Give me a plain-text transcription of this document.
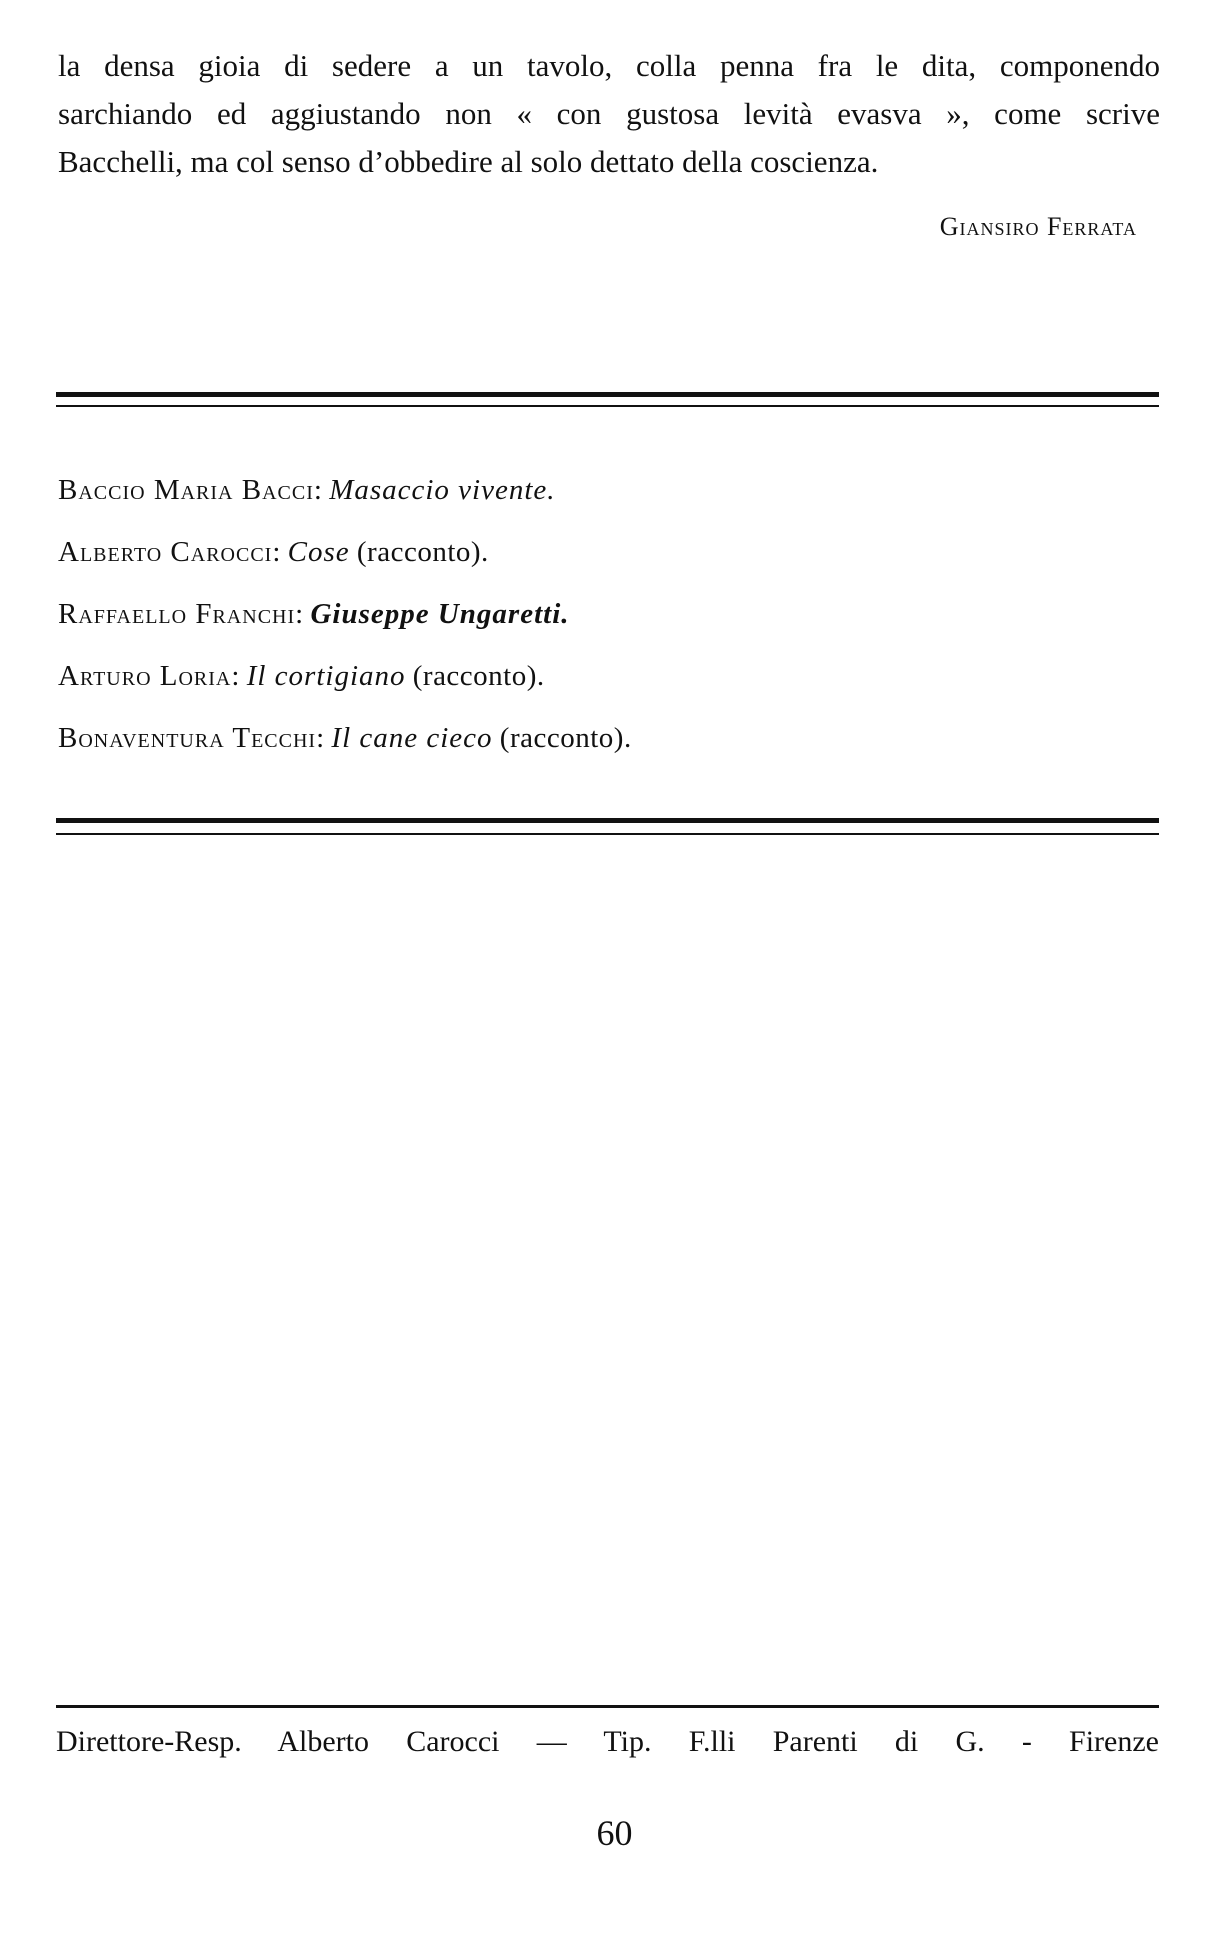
la densa gioia di sedere a un tavolo, colla penna fra le dita, componendo
sarchiando ed aggiustando non « con gustosa levità evasva », come scrive
Bacchelli, ma col senso d’obbedire al solo dettato della coscienza.
Giansiro Ferrata
Baccio Maria Bacci: Masaccio vivente.
Alberto Carocci: Cose (racconto).
Raffaello Franchi: Giuseppe Ungaretti.
Arturo Loria: Il cortigiano (racconto).
Bonaventura Tecchi: Il cane cieco (racconto).
Direttore-Resp. Alberto Carocci — Tip. F.lli Parenti di G. - Firenze
60
